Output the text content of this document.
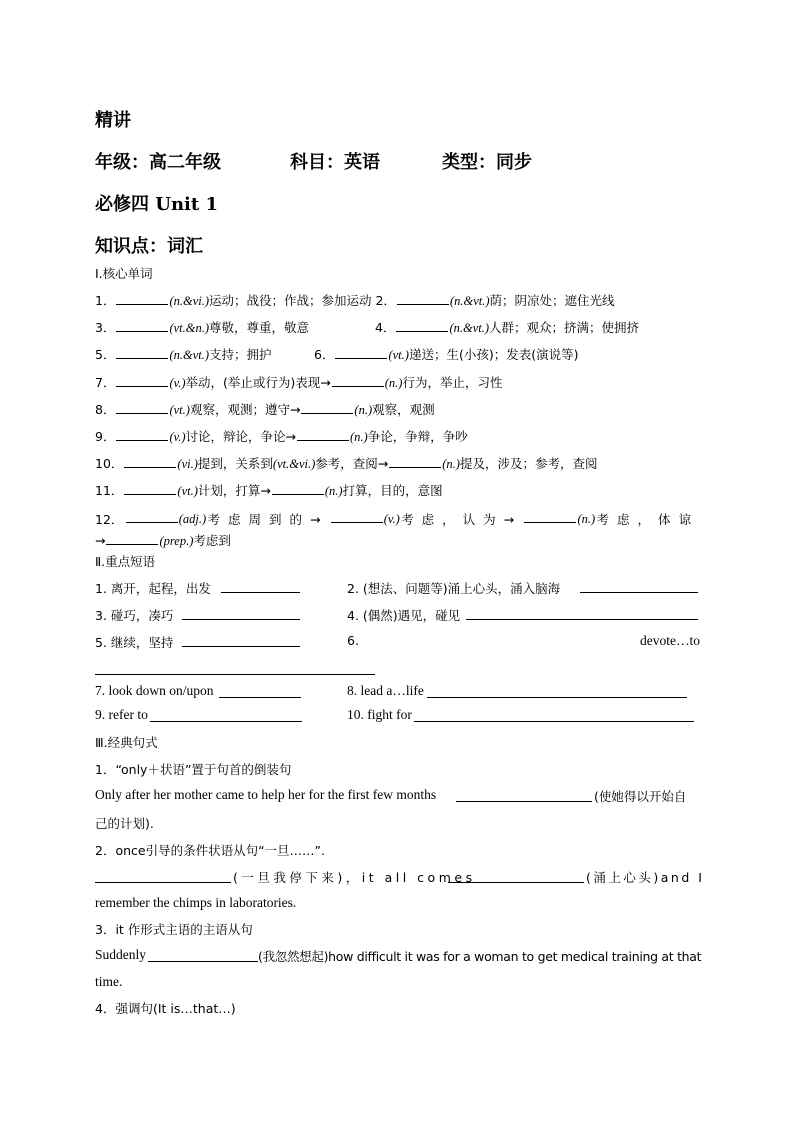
精讲
年级：高二年级	科目：英语	类型：同步
必修四 Unit 1
知识点：词汇
Ⅰ.核心单词
1．	(n.&vi.)运动；战役；作战；参加运动 2．	(n.&vt.)荫；阴凉处；遮住光线
3．	(vt.&n.)尊敬，尊重，敬意	4．	(n.&vt.)人群；观众；挤满；使拥挤
5．	(n.&vt.)支持；拥护	6．	(vt.)递送；生(小孩)；发表(演说等)
7．	(v.)举动，(举止或行为)表现→	(n.)行为，举止，习性
8．	(vt.)观察，观测；遵守→	(n.)观察，观测
9．	(v.)讨论，辩论，争论→	(n.)争论，争辩，争吵
10．	(vi.)提到，关系到(vt.&vi.)参考，查阅→	(n.)提及，涉及；参考，查阅
11．	(vt.)计划，打算→	(n.)打算，目的，意图
12．	(adj.) 考虑周到的→	(v.) 考虑，认为→	(n.) 考虑，体谅
→	(prep.)考虑到
Ⅱ.重点短语
1. 离开，起程，出发	2. (想法、问题等)涌上心头，涌入脑海
3. 碰巧，凑巧	4. (偶然)遇见，碰见
5. 继续，坚持	6.	devote…to
7. look down on/upon	8. lead a…life
9. refer to	10. fight for
Ⅲ.经典句式
1．“only＋状语”置于句首的倒装句
Only after her mother came to help her for the first few months	(使她得以开始自
己的计划).
2．once引导的条件状语从句“一旦……”.
(一旦我停下来)，it all comes	(涌上心头)and I
remember the chimps in laboratories.
3．it 作形式主语的主语从句
Suddenly	(我忽然想起)how difficult it was for a woman to get medical training at that
time.
4．强调句(It is…that…)
